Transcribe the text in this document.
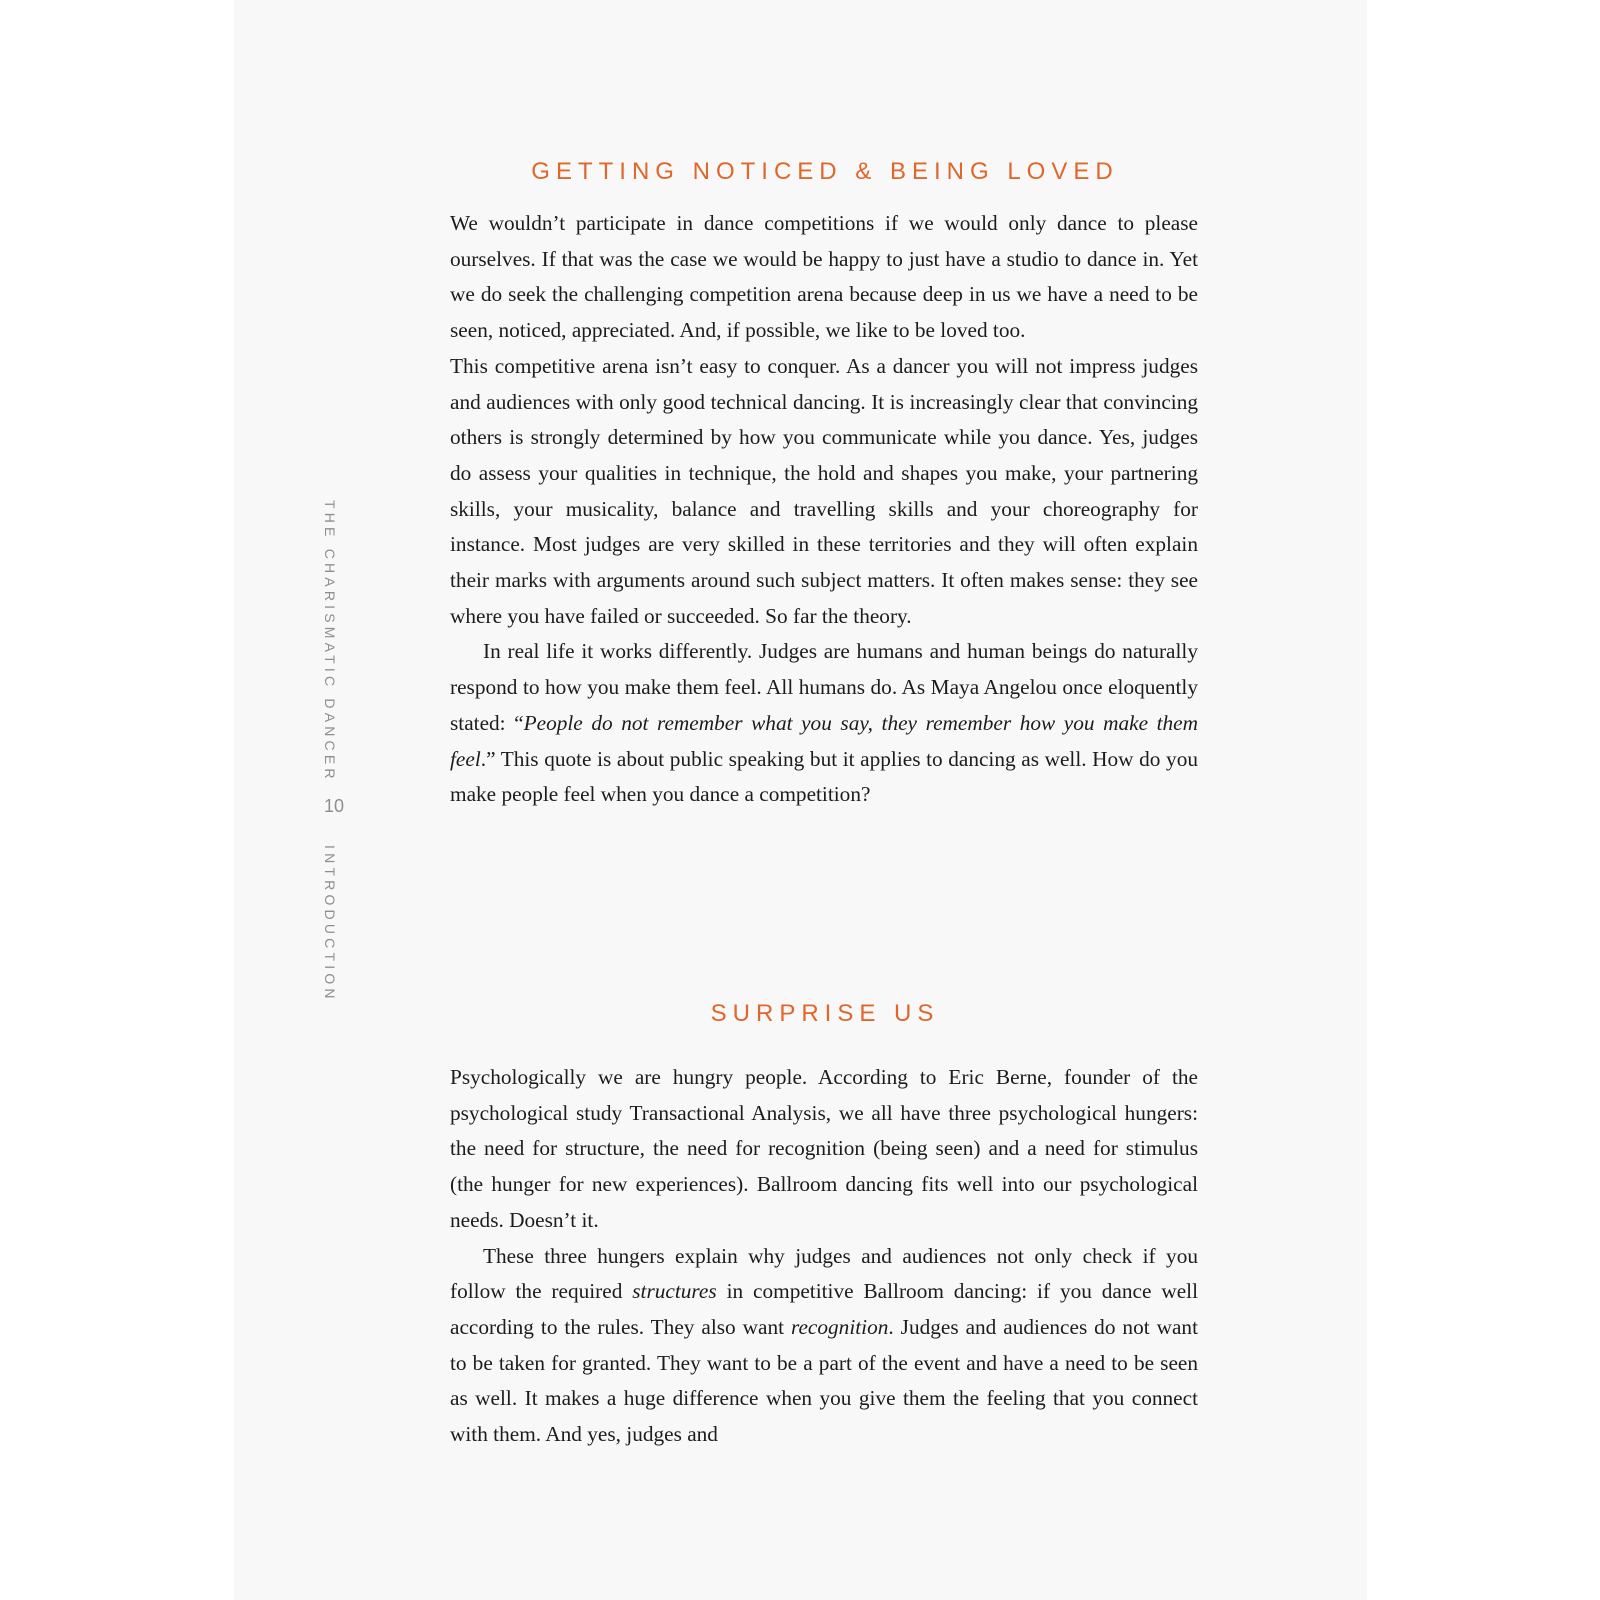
THE CHARISMATIC DANCER
10
INTRODUCTION
GETTING NOTICED & BEING LOVED

We wouldn’t participate in dance competitions if we would only dance to please ourselves. If that was the case we would be happy to just have a studio to dance in. Yet we do seek the challenging competition arena because deep in us we have a need to be seen, noticed, appreciated. And, if possible, we like to be loved too.

This competitive arena isn’t easy to conquer. As a dancer you will not impress judges and audiences with only good technical dancing. It is increasingly clear that convincing others is strongly determined by how you communicate while you dance. Yes, judges do assess your qualities in technique, the hold and shapes you make, your partnering skills, your musicality, balance and travelling skills and your choreography for instance. Most judges are very skilled in these territories and they will often explain their marks with arguments around such subject matters. It often makes sense: they see where you have failed or succeeded. So far the theory.

In real life it works differently. Judges are humans and human beings do naturally respond to how you make them feel. All humans do. As Maya Angelou once eloquently stated: “People do not remember what you say, they remember how you make them feel.” This quote is about public speaking but it applies to dancing as well. How do you make people feel when you dance a competition?

SURPRISE US

Psychologically we are hungry people. According to Eric Berne, founder of the psychological study Transactional Analysis, we all have three psychological hungers: the need for structure, the need for recognition (being seen) and a need for stimulus (the hunger for new experiences). Ballroom dancing fits well into our psychological needs. Doesn’t it.

These three hungers explain why judges and audiences not only check if you follow the required structures in competitive Ballroom dancing: if you dance well according to the rules. They also want recognition. Judges and audiences do not want to be taken for granted. They want to be a part of the event and have a need to be seen as well. It makes a huge difference when you give them the feeling that you connect with them. And yes, judges and
